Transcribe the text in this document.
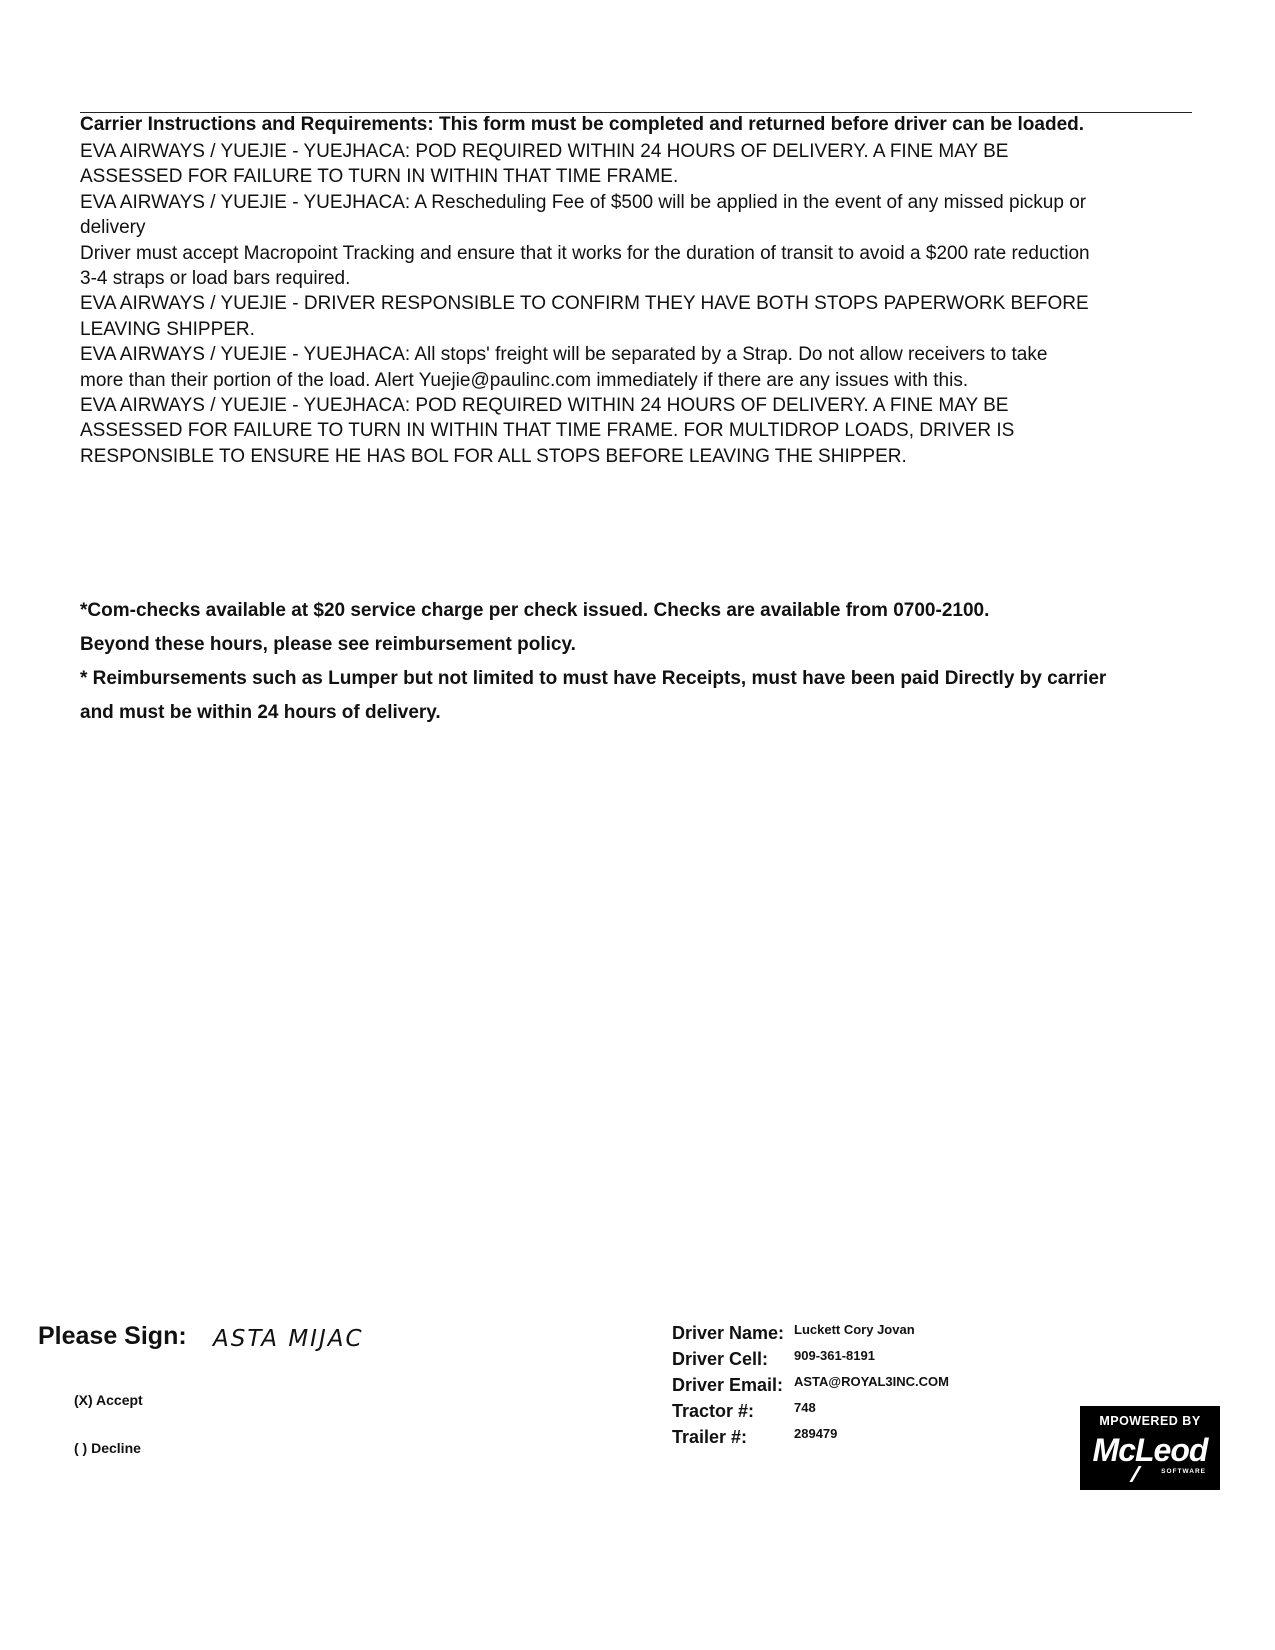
Carrier Instructions and Requirements: This form must be completed and returned before driver can be loaded.

EVA AIRWAYS / YUEJIE - YUEJHACA: POD REQUIRED WITHIN 24 HOURS OF DELIVERY. A FINE MAY BE ASSESSED FOR FAILURE TO TURN IN WITHIN THAT TIME FRAME.

EVA AIRWAYS / YUEJIE - YUEJHACA: A Rescheduling Fee of $500 will be applied in the event of any missed pickup or delivery

Driver must accept Macropoint Tracking and ensure that it works for the duration of transit to avoid a $200 rate reduction

3-4 straps or load bars required.

EVA AIRWAYS / YUEJIE - DRIVER RESPONSIBLE TO CONFIRM THEY HAVE BOTH STOPS PAPERWORK BEFORE LEAVING SHIPPER.

EVA AIRWAYS / YUEJIE - YUEJHACA: All stops' freight will be separated by a Strap. Do not allow receivers to take more than their portion of the load. Alert Yuejie@paulinc.com immediately if there are any issues with this.

EVA AIRWAYS / YUEJIE - YUEJHACA: POD REQUIRED WITHIN 24 HOURS OF DELIVERY. A FINE MAY BE ASSESSED FOR FAILURE TO TURN IN WITHIN THAT TIME FRAME. FOR MULTIDROP LOADS, DRIVER IS RESPONSIBLE TO ENSURE HE HAS BOL FOR ALL STOPS BEFORE LEAVING THE SHIPPER.

*Com-checks available at $20 service charge per check issued. Checks are available from 0700-2100.

Beyond these hours, please see reimbursement policy.

* Reimbursements such as Lumper but not limited to must have Receipts, must have been paid Directly by carrier

and must be within 24 hours of delivery.

Please Sign: ASTA MIJAC
(X) Accept
( ) Decline
Driver Name: Luckett Cory Jovan
Driver Cell: 909-361-8191
Driver Email: ASTA@ROYAL3INC.COM
Tractor #:	748
Trailer #:	289479
MPOWERED BY
McLeod
SOFTWARE
